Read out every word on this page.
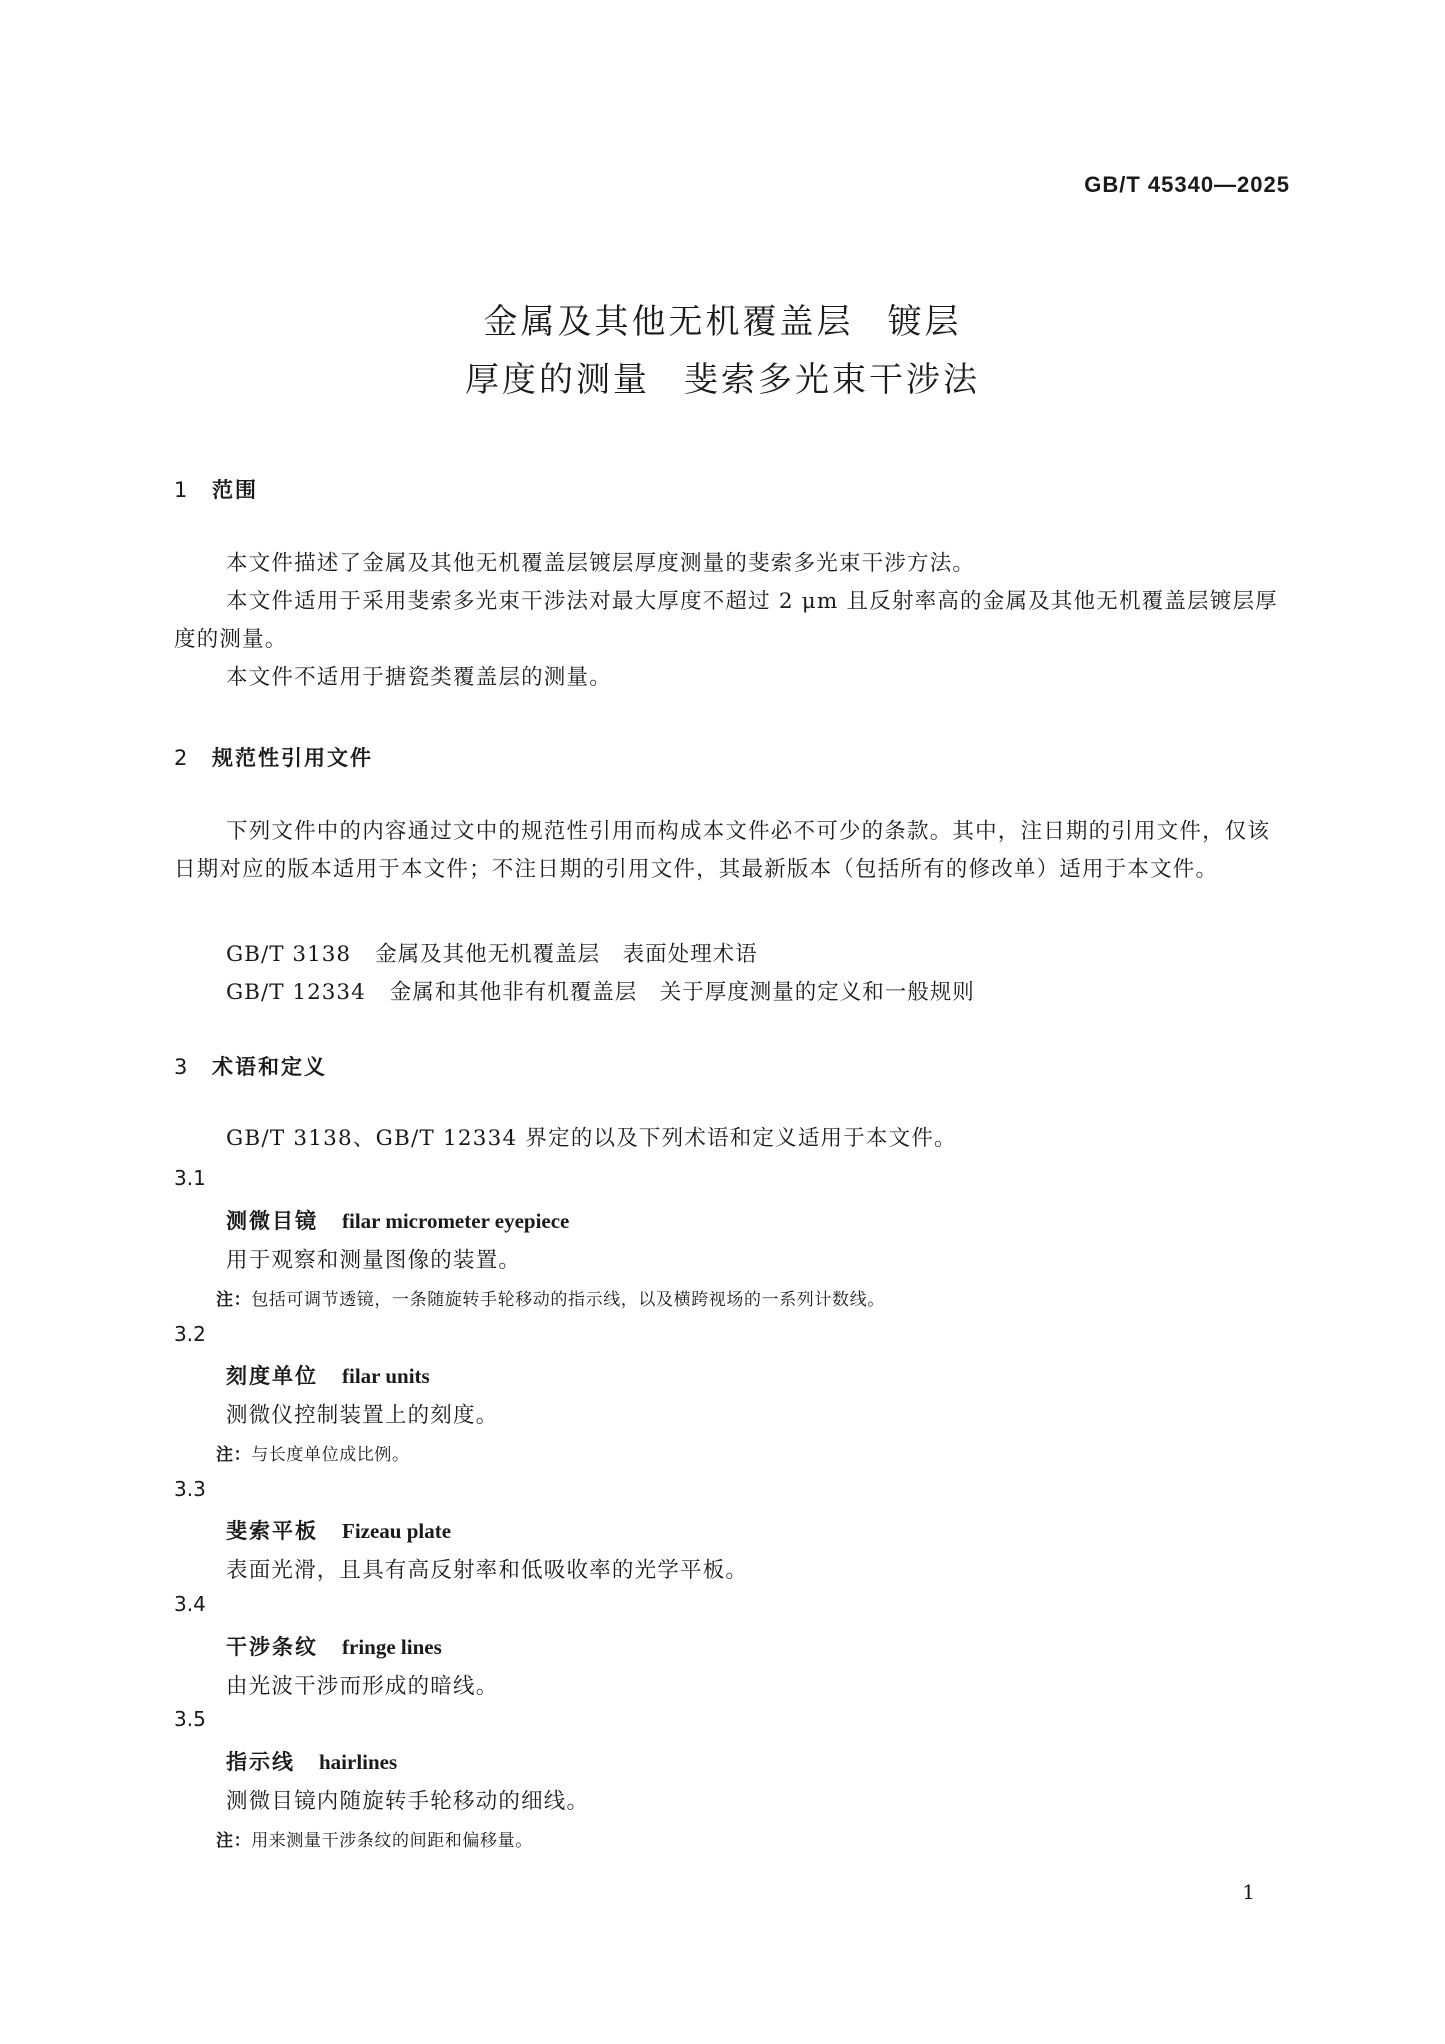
GB/T 45340—2025
金属及其他无机覆盖层 镀层
厚度的测量 斐索多光束干涉法
1 范围
本文件描述了金属及其他无机覆盖层镀层厚度测量的斐索多光束干涉方法。
本文件适用于采用斐索多光束干涉法对最大厚度不超过 2 μm 且反射率高的金属及其他无机覆盖层镀层厚度的测量。
本文件不适用于搪瓷类覆盖层的测量。
2 规范性引用文件
下列文件中的内容通过文中的规范性引用而构成本文件必不可少的条款。其中，注日期的引用文件，仅该日期对应的版本适用于本文件；不注日期的引用文件，其最新版本（包括所有的修改单）适用于本文件。
GB/T 3138 金属及其他无机覆盖层　表面处理术语
GB/T 12334 金属和其他非有机覆盖层　关于厚度测量的定义和一般规则
3 术语和定义
GB/T 3138、GB/T 12334 界定的以及下列术语和定义适用于本文件。
3.1
测微目镜 filar micrometer eyepiece
用于观察和测量图像的装置。
注：包括可调节透镜，一条随旋转手轮移动的指示线，以及横跨视场的一系列计数线。
3.2
刻度单位 filar units
测微仪控制装置上的刻度。
注：与长度单位成比例。
3.3
斐索平板 Fizeau plate
表面光滑，且具有高反射率和低吸收率的光学平板。
3.4
干涉条纹 fringe lines
由光波干涉而形成的暗线。
3.5
指示线 hairlines
测微目镜内随旋转手轮移动的细线。
注：用来测量干涉条纹的间距和偏移量。
1
